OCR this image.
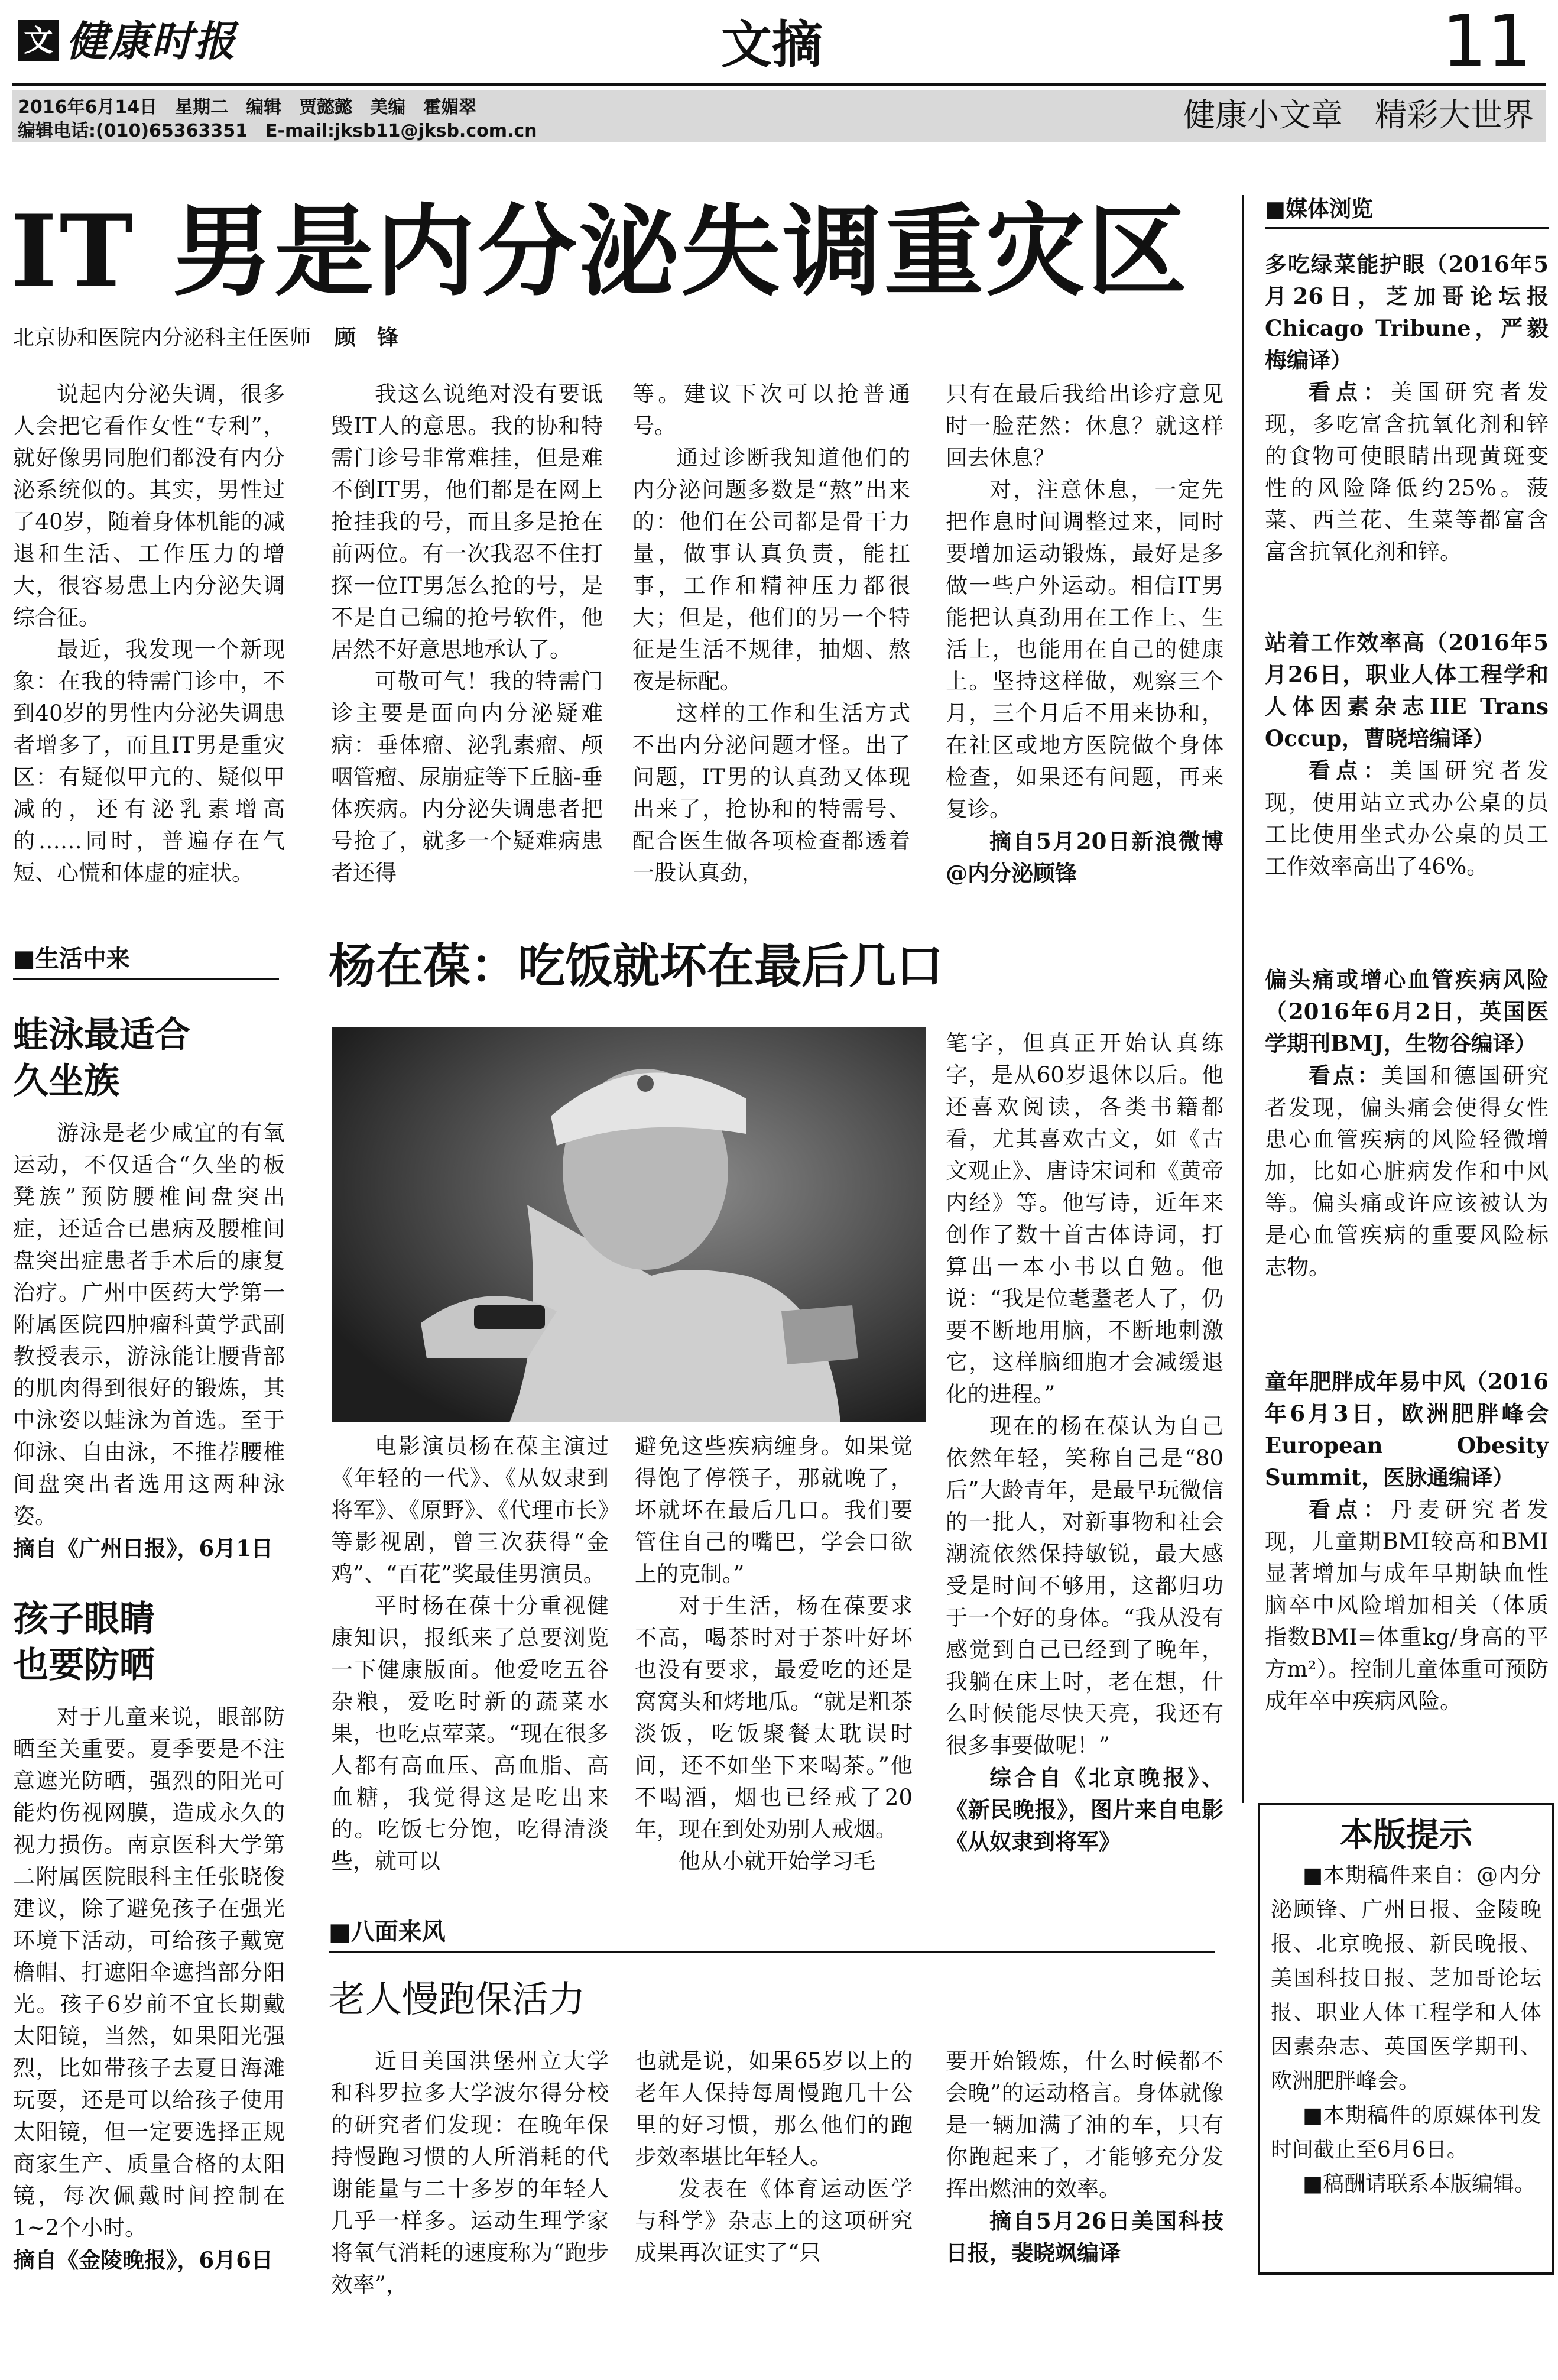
文 健康时报	文摘	11
2016年6月14日　星期二　编辑　贾懿懿　美编　霍媚翠
编辑电话:(010)65363351　E-mail:jksb11@jksb.com.cn	健康小文章　精彩大世界
IT 男是内分泌失调重灾区
北京协和医院内分泌科主任医师 顾　锋

说起内分泌失调，很多人会把它看作女性“专利”，就好像男同胞们都没有内分泌系统似的。其实，男性过了40岁，随着身体机能的减退和生活、工作压力的增大，很容易患上内分泌失调综合征。

最近，我发现一个新现象：在我的特需门诊中，不到40岁的男性内分泌失调患者增多了，而且IT男是重灾区：有疑似甲亢的、疑似甲减的，还有泌乳素增高的……同时，普遍存在气短、心慌和体虚的症状。

我这么说绝对没有要诋毁IT人的意思。我的协和特需门诊号非常难挂，但是难不倒IT男，他们都是在网上抢挂我的号，而且多是抢在前两位。有一次我忍不住打探一位IT男怎么抢的号，是不是自己编的抢号软件，他居然不好意思地承认了。

可敬可气！我的特需门诊主要是面向内分泌疑难病：垂体瘤、泌乳素瘤、颅咽管瘤、尿崩症等下丘脑-垂体疾病。内分泌失调患者把号抢了，就多一个疑难病患者还得

等。建议下次可以抢普通号。

通过诊断我知道他们的内分泌问题多数是“熬”出来的：他们在公司都是骨干力量，做事认真负责，能扛事，工作和精神压力都很大；但是，他们的另一个特征是生活不规律，抽烟、熬夜是标配。

这样的工作和生活方式不出内分泌问题才怪。出了问题，IT男的认真劲又体现出来了，抢协和的特需号、配合医生做各项检查都透着一股认真劲，

只有在最后我给出诊疗意见时一脸茫然：休息？就这样回去休息？

对，注意休息，一定先把作息时间调整过来，同时要增加运动锻炼，最好是多做一些户外运动。相信IT男能把认真劲用在工作上、生活上，也能用在自己的健康上。坚持这样做，观察三个月，三个月后不用来协和，在社区或地方医院做个身体检查，如果还有问题，再来复诊。

摘自5月20日新浪微博@内分泌顾锋

■生活中来
蛙泳最适合
久坐族

游泳是老少咸宜的有氧运动，不仅适合“久坐的板凳族”预防腰椎间盘突出症，还适合已患病及腰椎间盘突出症患者手术后的康复治疗。广州中医药大学第一附属医院四肿瘤科黄学武副教授表示，游泳能让腰背部的肌肉得到很好的锻炼，其中泳姿以蛙泳为首选。至于仰泳、自由泳，不推荐腰椎间盘突出者选用这两种泳姿。

摘自《广州日报》，6月1日

孩子眼睛
也要防晒

对于儿童来说，眼部防晒至关重要。夏季要是不注意遮光防晒，强烈的阳光可能灼伤视网膜，造成永久的视力损伤。南京医科大学第二附属医院眼科主任张晓俊建议，除了避免孩子在强光环境下活动，可给孩子戴宽檐帽、打遮阳伞遮挡部分阳光。孩子6岁前不宜长期戴太阳镜，当然，如果阳光强烈，比如带孩子去夏日海滩玩耍，还是可以给孩子使用太阳镜，但一定要选择正规商家生产、质量合格的太阳镜，每次佩戴时间控制在1~2个小时。

摘自《金陵晚报》，6月6日

杨在葆：吃饭就坏在最后几口

电影演员杨在葆主演过《年轻的一代》、《从奴隶到将军》、《原野》、《代理市长》等影视剧，曾三次获得“金鸡”、“百花”奖最佳男演员。

平时杨在葆十分重视健康知识，报纸来了总要浏览一下健康版面。他爱吃五谷杂粮，爱吃时新的蔬菜水果，也吃点荤菜。“现在很多人都有高血压、高血脂、高血糖，我觉得这是吃出来的。吃饭七分饱，吃得清淡些，就可以

避免这些疾病缠身。如果觉得饱了停筷子，那就晚了，坏就坏在最后几口。我们要管住自己的嘴巴，学会口欲上的克制。”

对于生活，杨在葆要求不高，喝茶时对于茶叶好坏也没有要求，最爱吃的还是窝窝头和烤地瓜。“就是粗茶淡饭，吃饭聚餐太耽误时间，还不如坐下来喝茶。”他不喝酒，烟也已经戒了20年，现在到处劝别人戒烟。

他从小就开始学习毛

笔字，但真正开始认真练字，是从60岁退休以后。他还喜欢阅读，各类书籍都看，尤其喜欢古文，如《古文观止》、唐诗宋词和《黄帝内经》等。他写诗，近年来创作了数十首古体诗词，打算出一本小书以自勉。他说：“我是位耄耋老人了，仍要不断地用脑，不断地刺激它，这样脑细胞才会减缓退化的进程。”

现在的杨在葆认为自己依然年轻，笑称自己是“80后”大龄青年，是最早玩微信的一批人，对新事物和社会潮流依然保持敏锐，最大感受是时间不够用，这都归功于一个好的身体。“我从没有感觉到自己已经到了晚年，我躺在床上时，老在想，什么时候能尽快天亮，我还有很多事要做呢！”

综合自《北京晚报》、《新民晚报》，图片来自电影《从奴隶到将军》

■八面来风
老人慢跑保活力

近日美国洪堡州立大学和科罗拉多大学波尔得分校的研究者们发现：在晚年保持慢跑习惯的人所消耗的代谢能量与二十多岁的年轻人几乎一样多。运动生理学家将氧气消耗的速度称为“跑步效率”，

也就是说，如果65岁以上的老年人保持每周慢跑几十公里的好习惯，那么他们的跑步效率堪比年轻人。

发表在《体育运动医学与科学》杂志上的这项研究成果再次证实了“只

要开始锻炼，什么时候都不会晚”的运动格言。身体就像是一辆加满了油的车，只有你跑起来了，才能够充分发挥出燃油的效率。

摘自5月26日美国科技日报，裴晓飒编译

■媒体浏览
多吃绿菜能护眼（2016年5月26日，芝加哥论坛报Chicago Tribune，严毅梅编译）

看点：美国研究者发现，多吃富含抗氧化剂和锌的食物可使眼睛出现黄斑变性的风险降低约25%。菠菜、西兰花、生菜等都富含富含抗氧化剂和锌。

站着工作效率高（2016年5月26日，职业人体工程学和人体因素杂志IIE Trans Occup，曹晓培编译）

看点：美国研究者发现，使用站立式办公桌的员工比使用坐式办公桌的员工工作效率高出了46%。

偏头痛或增心血管疾病风险（2016年6月2日，英国医学期刊BMJ，生物谷编译）

看点：美国和德国研究者发现，偏头痛会使得女性患心血管疾病的风险轻微增加，比如心脏病发作和中风等。偏头痛或许应该被认为是心血管疾病的重要风险标志物。

童年肥胖成年易中风（2016年6月3日，欧洲肥胖峰会European Obesity Summit，医脉通编译）

看点：丹麦研究者发现，儿童期BMI较高和BMI显著增加与成年早期缺血性脑卒中风险增加相关（体质指数BMI=体重kg/身高的平方m²）。控制儿童体重可预防成年卒中疾病风险。

本版提示

■本期稿件来自：@内分泌顾锋、广州日报、金陵晚报、北京晚报、新民晚报、美国科技日报、芝加哥论坛报、职业人体工程学和人体因素杂志、英国医学期刊、欧洲肥胖峰会。

■本期稿件的原媒体刊发时间截止至6月6日。

■稿酬请联系本版编辑。
